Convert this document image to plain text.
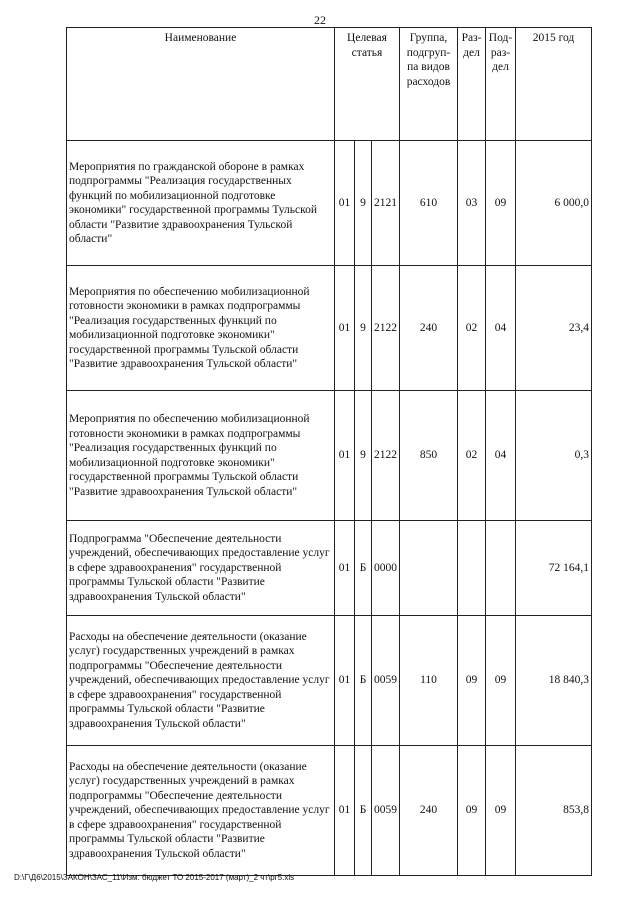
22
Наименование	Целевая статья			Группа, подгруп-па видов расходов	Раз-дел	Под-раз-дел	2015 год
Мероприятия по гражданской обороне в рамках подпрограммы "Реализация государственных функций по мобилизационной подготовке экономики" государственной программы Тульской области "Развитие здравоохранения Тульской области"	01	9	2121	610	03	09	6 000,0
Мероприятия по обеспечению мобилизационной готовности экономики в рамках подпрограммы "Реализация государственных функций по мобилизационной подготовке экономики" государственной программы Тульской области "Развитие здравоохранения Тульской области"	01	9	2122	240	02	04	23,4
Мероприятия по обеспечению мобилизационной готовности экономики в рамках подпрограммы "Реализация государственных функций по мобилизационной подготовке экономики" государственной программы Тульской области "Развитие здравоохранения Тульской области"	01	9	2122	850	02	04	0,3
Подпрограмма "Обеспечение деятельности учреждений, обеспечивающих предоставление услуг в сфере здравоохранения" государственной программы Тульской области "Развитие здравоохранения Тульской области"	01	Б	0000				72 164,1
Расходы на обеспечение деятельности (оказание услуг) государственных учреждений в рамках подпрограммы "Обеспечение деятельности учреждений, обеспечивающих предоставление услуг в сфере здравоохранения" государственной программы Тульской области "Развитие здравоохранения Тульской области"	01	Б	0059	110	09	09	18 840,3
Расходы на обеспечение деятельности (оказание услуг) государственных учреждений в рамках подпрограммы "Обеспечение деятельности учреждений, обеспечивающих предоставление услуг в сфере здравоохранения" государственной программы Тульской области "Развитие здравоохранения Тульской области"	01	Б	0059	240	09	09	853,8
D:\Г\Д6\2015\ЗАКОН\ЗАС_11\Изм. бюджет ТО 2015-2017 (март)_2 чт\рг5.xls
